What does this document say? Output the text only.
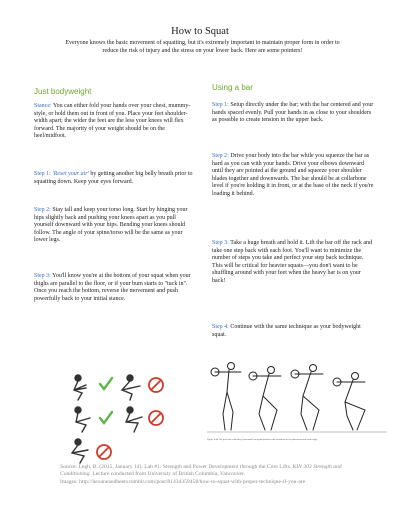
How to Squat
Everyone knows the basic movement of squatting, but it's extremely important to maintain proper form in order to reduce the risk of injury and the stress on your lower back. Here are some pointers!
Just bodyweight	Using a bar
Stance: You can either fold your hands over your chest, mummy-style, or hold them out in front of you. Place your feet shoulder-width apart; the wider the feet are the less your knees will flex forward. The majority of your weight should be on the heel/midfoot.
Step 1: 'Reset your air' by getting another big belly breath prior to squatting down. Keep your eyes forward.
Step 2: Stay tall and keep your torso long. Start by hinging your hips slightly back and pushing your knees apart as you pull yourself downward with your hips. Bending your knees should follow. The angle of your spine/torso will be the same as your lower legs.
Step 3: You'll know you're at the bottom of your squat when your thighs are parallel to the floor, or if your bum starts to "tuck in". Once you reach the bottom, reverse the movement and push powerfully back to your initial stance.
Step 1: Setup directly under the bar; with the bar centered and your hands spaced evenly. Pull your hands in as close to your shoulders as possible to create tension in the upper back.
Step 2: Drive your body into the bar while you squeeze the bar as hard as you can with your hands. Drive your elbows downward until they are pointed at the ground and squeeze your shoulder blades together and downwards. The bar should be at collarbone level if you're holding it in front, or at the base of the neck if you're loading it behind.
Step 3: Take a huge breath and hold it. Lift the bar off the rack and take one step back with each foot. You'll want to minimize the number of steps you take and perfect your step back technique. This will be critical for heavier squats—you don't want to be shuffling around with your feet when the heavy bar is on your back!
Step 4: Continue with the same technique as your bodyweight squat.
Figure 8.4b The posterior-wideality (horizontal) bar squat position with variations in bar placement and trunk angle.
Source: Legh, B. (2015, January 14). Lab #1: Strength and Power Development through the Core Lifts. KIN 303 Strength and Conditioning. Lecture conducted from University of British Columbia, Vancouver.
Images: http://hexaneandbeets.tumblr.com/post/81434359458/how-to-squat-with-proper-technique-if-you-are
